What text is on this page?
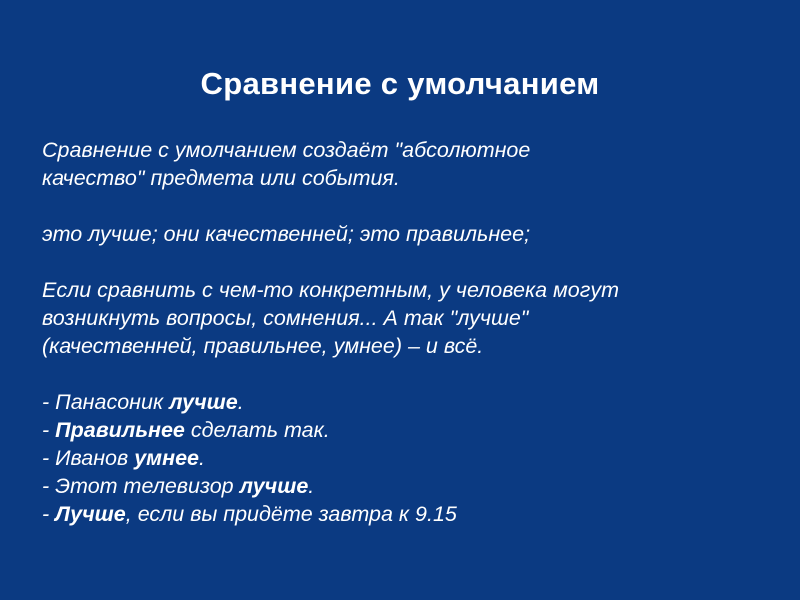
Сравнение с умолчанием
Сравнение с умолчанием создаёт "абсолютное
качество" предмета или события.
это лучше; они качественней; это правильнее;
Если сравнить с чем-то конкретным, у человека могут
возникнуть вопросы, сомнения... А так "лучше"
(качественней, правильнее, умнее) – и всё.
- Панасоник лучше.
- Правильнее сделать так.
- Иванов умнее.
- Этот телевизор лучше.
- Лучше, если вы придёте завтра к 9.15
